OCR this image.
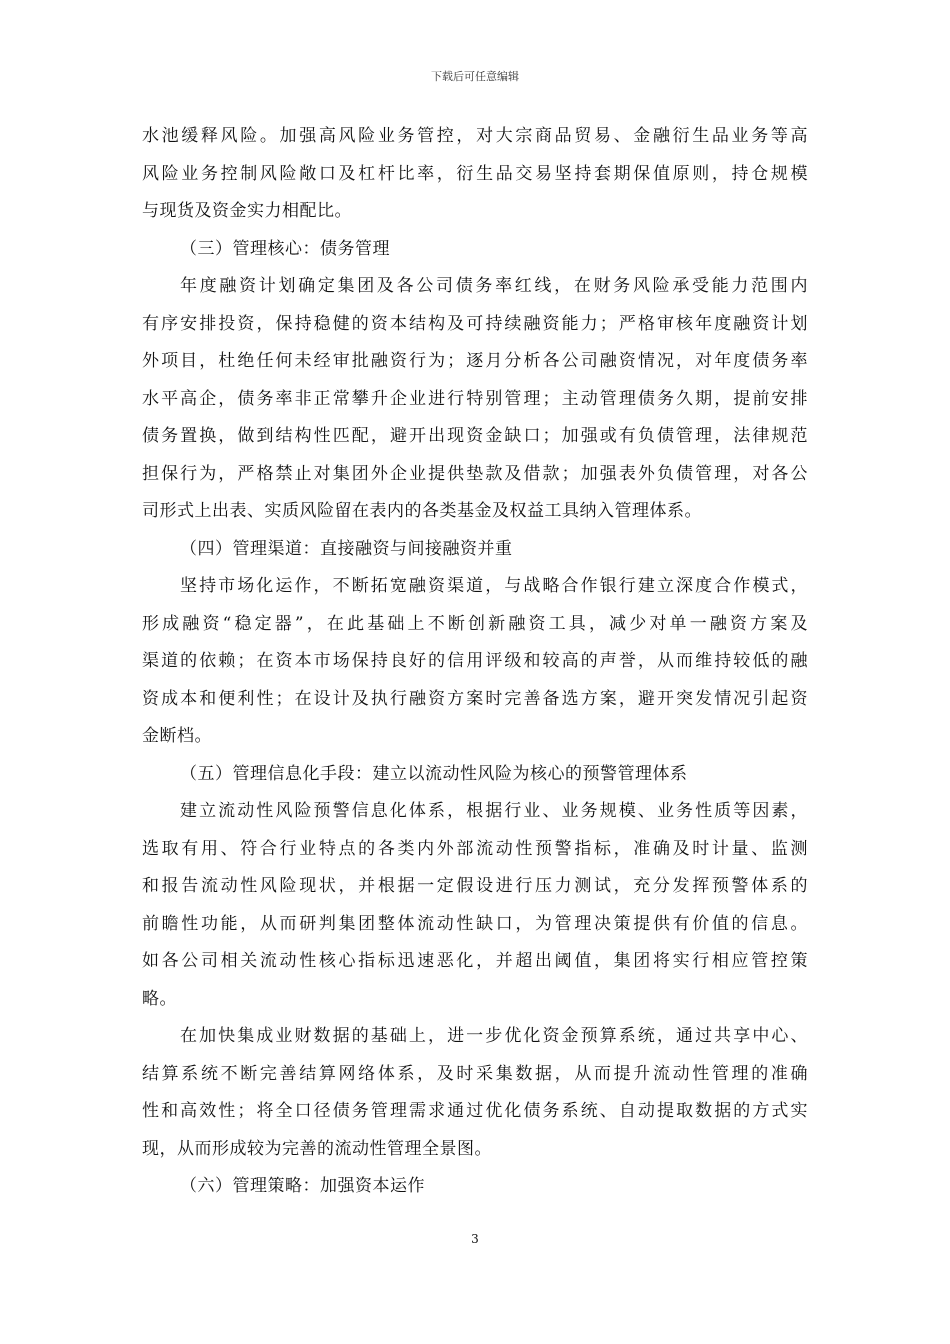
下载后可任意编辑
水池缓释风险。加强高风险业务管控，对大宗商品贸易、金融衍生品业务等高
风险业务控制风险敞口及杠杆比率，衍生品交易坚持套期保值原则，持仓规模
与现货及资金实力相配比。
（三）管理核心：债务管理
年度融资计划确定集团及各公司债务率红线，在财务风险承受能力范围内
有序安排投资，保持稳健的资本结构及可持续融资能力；严格审核年度融资计划
外项目，杜绝任何未经审批融资行为；逐月分析各公司融资情况，对年度债务率
水平高企，债务率非正常攀升企业进行特别管理；主动管理债务久期，提前安排
债务置换，做到结构性匹配，避开出现资金缺口；加强或有负债管理，法律规范
担保行为，严格禁止对集团外企业提供垫款及借款；加强表外负债管理，对各公
司形式上出表、实质风险留在表内的各类基金及权益工具纳入管理体系。
（四）管理渠道：直接融资与间接融资并重
坚持市场化运作，不断拓宽融资渠道，与战略合作银行建立深度合作模式，
形成融资“稳定器”，在此基础上不断创新融资工具，减少对单一融资方案及
渠道的依赖；在资本市场保持良好的信用评级和较高的声誉，从而维持较低的融
资成本和便利性；在设计及执行融资方案时完善备选方案，避开突发情况引起资
金断档。
（五）管理信息化手段：建立以流动性风险为核心的预警管理体系
建立流动性风险预警信息化体系，根据行业、业务规模、业务性质等因素，
选取有用、符合行业特点的各类内外部流动性预警指标，准确及时计量、监测
和报告流动性风险现状，并根据一定假设进行压力测试，充分发挥预警体系的
前瞻性功能，从而研判集团整体流动性缺口，为管理决策提供有价值的信息。
如各公司相关流动性核心指标迅速恶化，并超出阈值，集团将实行相应管控策
略。
在加快集成业财数据的基础上，进一步优化资金预算系统，通过共享中心、
结算系统不断完善结算网络体系，及时采集数据，从而提升流动性管理的准确
性和高效性；将全口径债务管理需求通过优化债务系统、自动提取数据的方式实
现，从而形成较为完善的流动性管理全景图。
（六）管理策略：加强资本运作
3
